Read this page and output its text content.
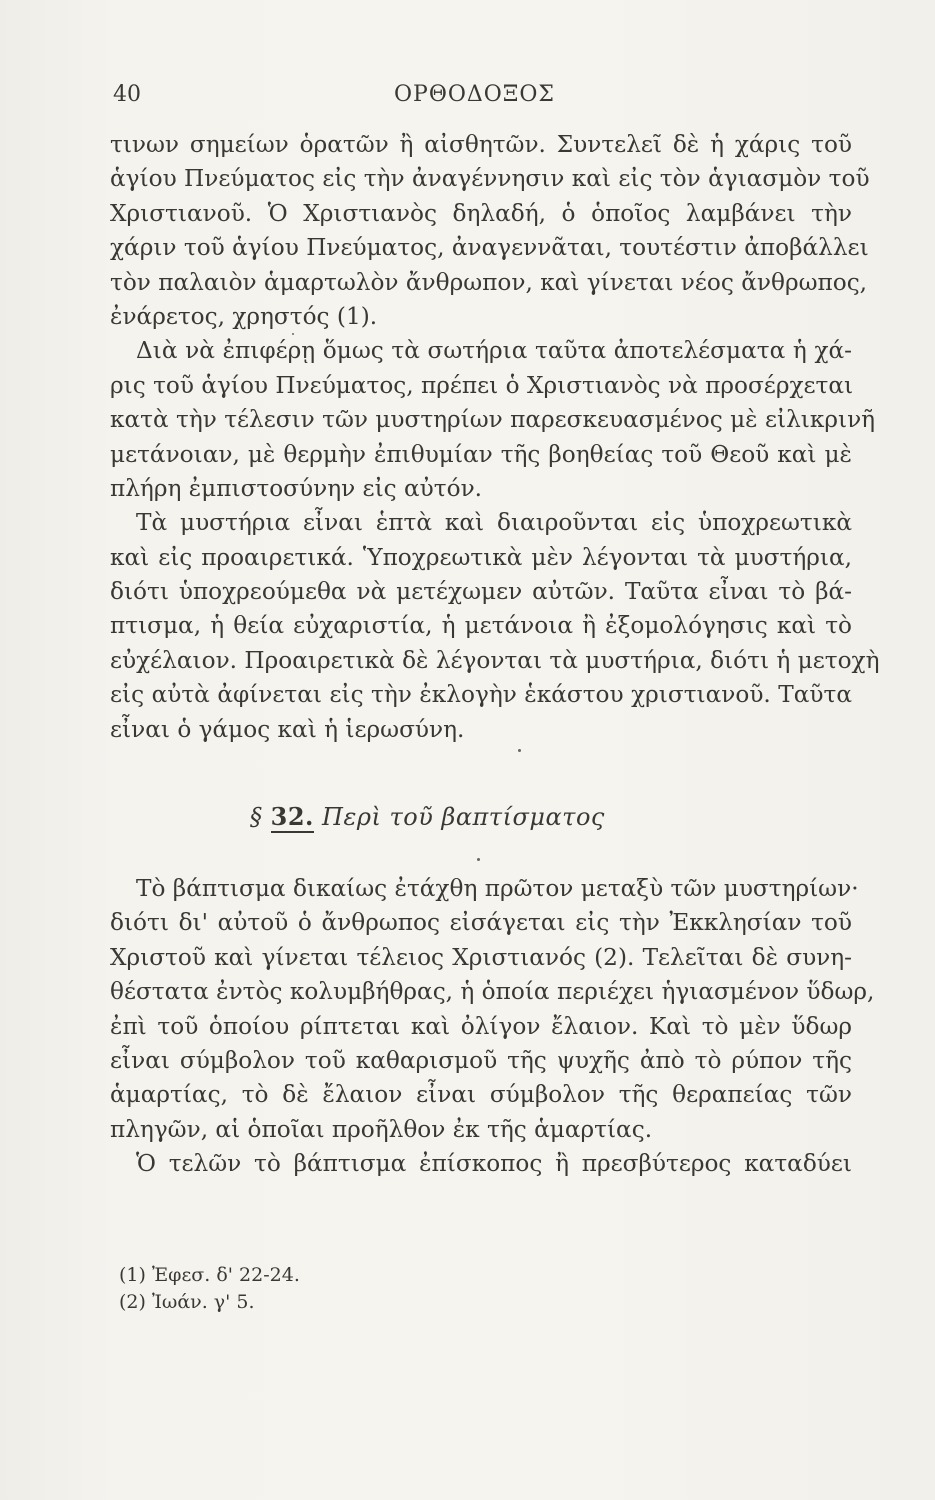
40	ΟΡΘΟΔΟΞΟΣ
τινων σημείων ὁρατῶν ἢ αἰσθητῶν. Συντελεῖ δὲ ἡ χάρις τοῦ
ἁγίου Πνεύματος εἰς τὴν ἀναγέννησιν καὶ εἰς τὸν ἁγιασμὸν τοῦ
Χριστιανοῦ. Ὁ Χριστιανὸς δηλαδή, ὁ ὁποῖος λαμβάνει τὴν
χάριν τοῦ ἁγίου Πνεύματος, ἀναγεννᾶται, τουτέστιν ἀποβάλλει
τὸν παλαιὸν ἁμαρτωλὸν ἄνθρωπον, καὶ γίνεται νέος ἄνθρωπος,
ἐνάρετος, χρηστός (1).
Διὰ νὰ ἐπιφέρῃ ὅμως τὰ σωτήρια ταῦτα ἀποτελέσματα ἡ χά-
ρις τοῦ ἁγίου Πνεύματος, πρέπει ὁ Χριστιανὸς νὰ προσέρχεται
κατὰ τὴν τέλεσιν τῶν μυστηρίων παρεσκευασμένος μὲ εἰλικρινῆ
μετάνοιαν, μὲ θερμὴν ἐπιθυμίαν τῆς βοηθείας τοῦ Θεοῦ καὶ μὲ
πλήρη ἐμπιστοσύνην εἰς αὐτόν.
Τὰ μυστήρια εἶναι ἑπτὰ καὶ διαιροῦνται εἰς ὑποχρεωτικὰ
καὶ εἰς προαιρετικά. Ὑποχρεωτικὰ μὲν λέγονται τὰ μυστήρια,
διότι ὑποχρεούμεθα νὰ μετέχωμεν αὐτῶν. Ταῦτα εἶναι τὸ βά-
πτισμα, ἡ θεία εὐχαριστία, ἡ μετάνοια ἢ ἐξομολόγησις καὶ τὸ
εὐχέλαιον. Προαιρετικὰ δὲ λέγονται τὰ μυστήρια, διότι ἡ μετοχὴ
εἰς αὐτὰ ἀφίνεται εἰς τὴν ἐκλογὴν ἑκάστου χριστιανοῦ. Ταῦτα
εἶναι ὁ γάμος καὶ ἡ ἱερωσύνη.
§ 32. Περὶ τοῦ βαπτίσματος
Τὸ βάπτισμα δικαίως ἐτάχθη πρῶτον μεταξὺ τῶν μυστηρίων·
διότι δι' αὐτοῦ ὁ ἄνθρωπος εἰσάγεται εἰς τὴν Ἐκκλησίαν τοῦ
Χριστοῦ καὶ γίνεται τέλειος Χριστιανός (2). Τελεῖται δὲ συνη-
θέστατα ἐντὸς κολυμβήθρας, ἡ ὁποία περιέχει ἡγιασμένον ὕδωρ,
ἐπὶ τοῦ ὁποίου ρίπτεται καὶ ὀλίγον ἔλαιον. Καὶ τὸ μὲν ὕδωρ
εἶναι σύμβολον τοῦ καθαρισμοῦ τῆς ψυχῆς ἀπὸ τὸ ρύπον τῆς
ἁμαρτίας, τὸ δὲ ἔλαιον εἶναι σύμβολον τῆς θεραπείας τῶν
πληγῶν, αἱ ὁποῖαι προῆλθον ἐκ τῆς ἁμαρτίας.
Ὁ τελῶν τὸ βάπτισμα ἐπίσκοπος ἢ πρεσβύτερος καταδύει
(1) Ἐφεσ. δ' 22-24.
(2) Ἰωάν. γ' 5.
